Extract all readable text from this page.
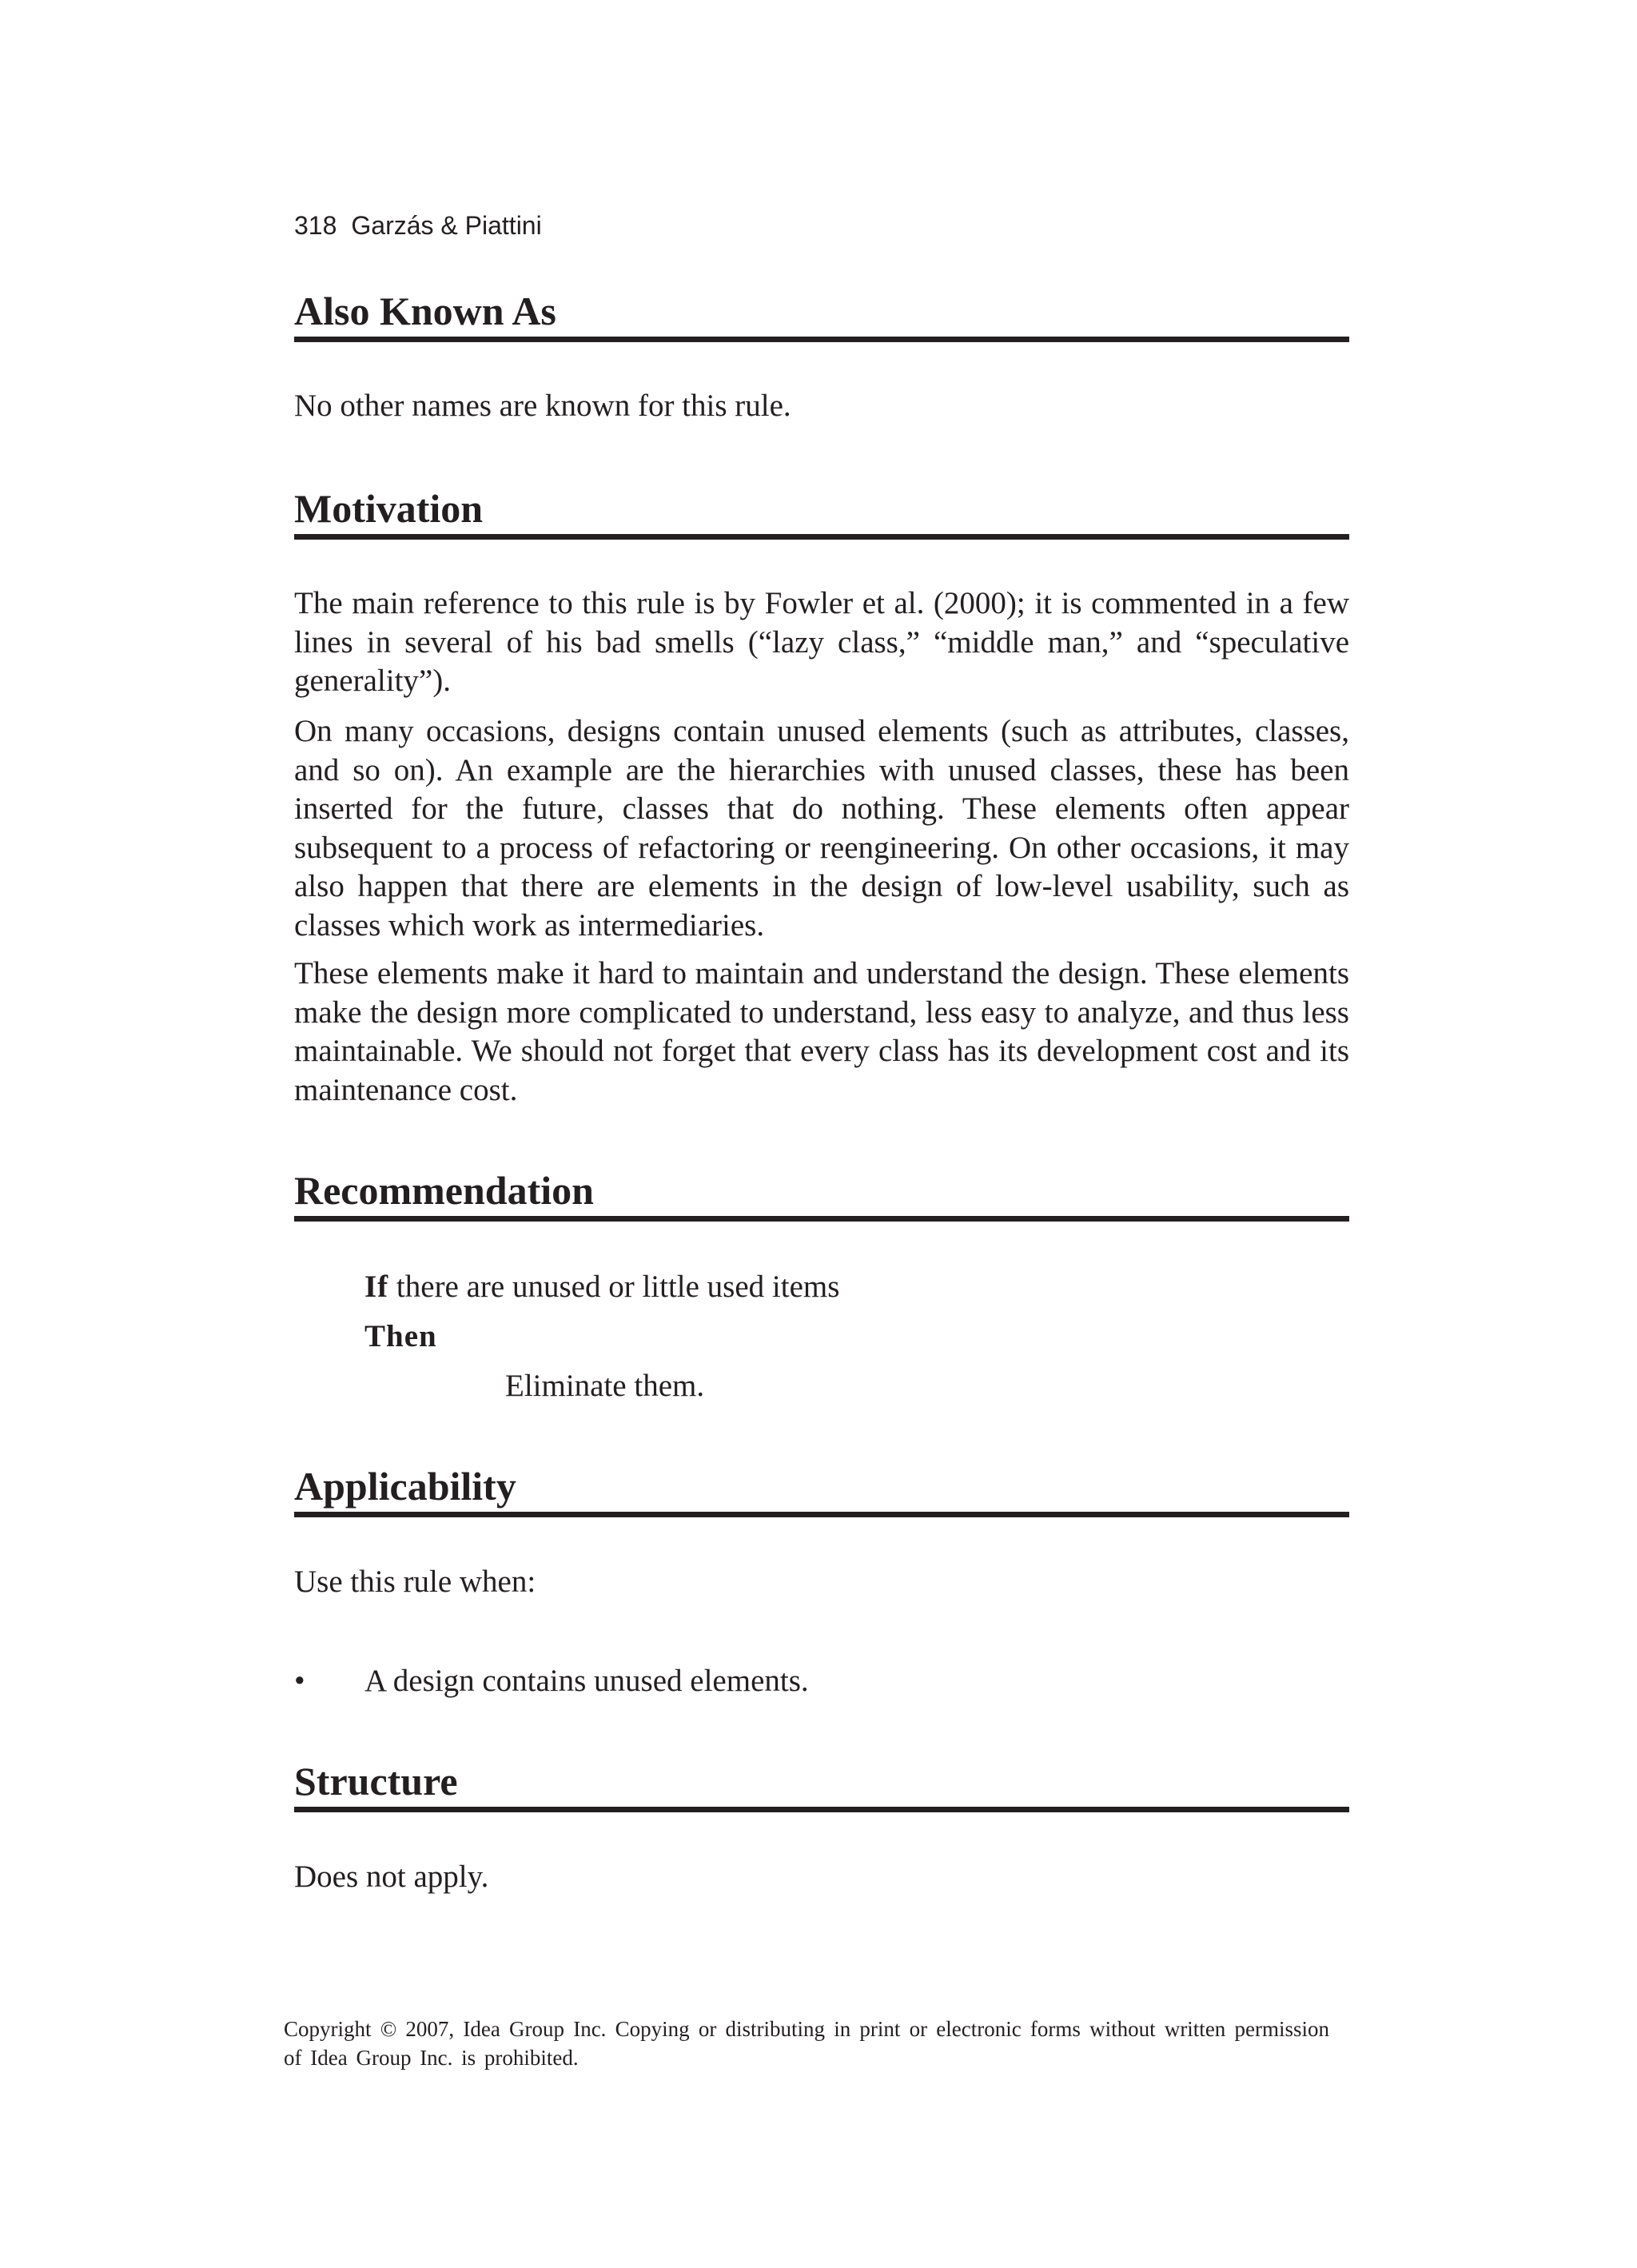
318 Garzás & Piattini
Also Known As

No other names are known for this rule.

Motivation

The main reference to this rule is by Fowler et al. (2000); it is commented in a few lines in several of his bad smells (“lazy class,” “middle man,” and “speculative generality”).

On many occasions, designs contain unused elements (such as attributes, classes, and so on). An example are the hierarchies with unused classes, these has been inserted for the future, classes that do nothing. These elements often appear subsequent to a process of refactoring or reengineering. On other occasions, it may also happen that there are elements in the design of low-level usability, such as classes which work as intermediaries.

These elements make it hard to maintain and understand the design. These elements make the design more complicated to understand, less easy to analyze, and thus less maintainable. We should not forget that every class has its development cost and its maintenance cost.

Recommendation
If there are unused or little used items
Then
Eliminate them.
Applicability

Use this rule when:

• A design contains unused elements.
Structure

Does not apply.

Copyright © 2007, Idea Group Inc. Copying or distributing in print or electronic forms without written permission of Idea Group Inc. is prohibited.
